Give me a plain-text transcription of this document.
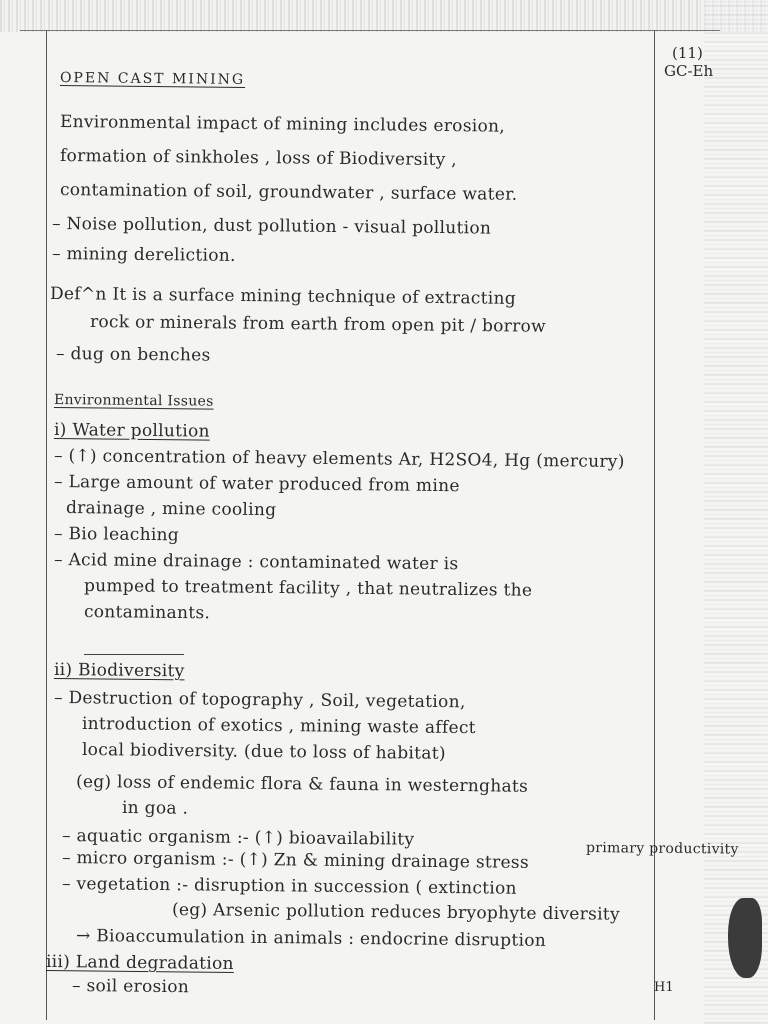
(11)
GC-Eh
OPEN CAST MINING
Environmental impact of mining includes erosion,
formation of sinkholes , loss of Biodiversity ,
contamination of soil, groundwater , surface water.
– Noise pollution, dust pollution - visual pollution
– mining dereliction.
Def^n It is a surface mining technique of extracting
rock or minerals from earth from open pit / borrow
– dug on benches
Environmental Issues
i) Water pollution
– (↑) concentration of heavy elements Ar, H2SO4, Hg (mercury)
– Large amount of water produced from mine
drainage , mine cooling
– Bio leaching
– Acid mine drainage : contaminated water is
pumped to treatment facility , that neutralizes the
contaminants.
ii) Biodiversity
– Destruction of topography , Soil, vegetation,
introduction of exotics , mining waste affect
local biodiversity. (due to loss of habitat)
(eg) loss of endemic flora & fauna in westernghats
in goa .
– aquatic organism :- (↑) bioavailability
– micro organism :- (↑) Zn & mining drainage stress	primary productivity
– vegetation :- disruption in succession ( extinction
(eg) Arsenic pollution reduces bryophyte diversity
→ Bioaccumulation in animals : endocrine disruption
iii) Land degradation
– soil erosion	H1
